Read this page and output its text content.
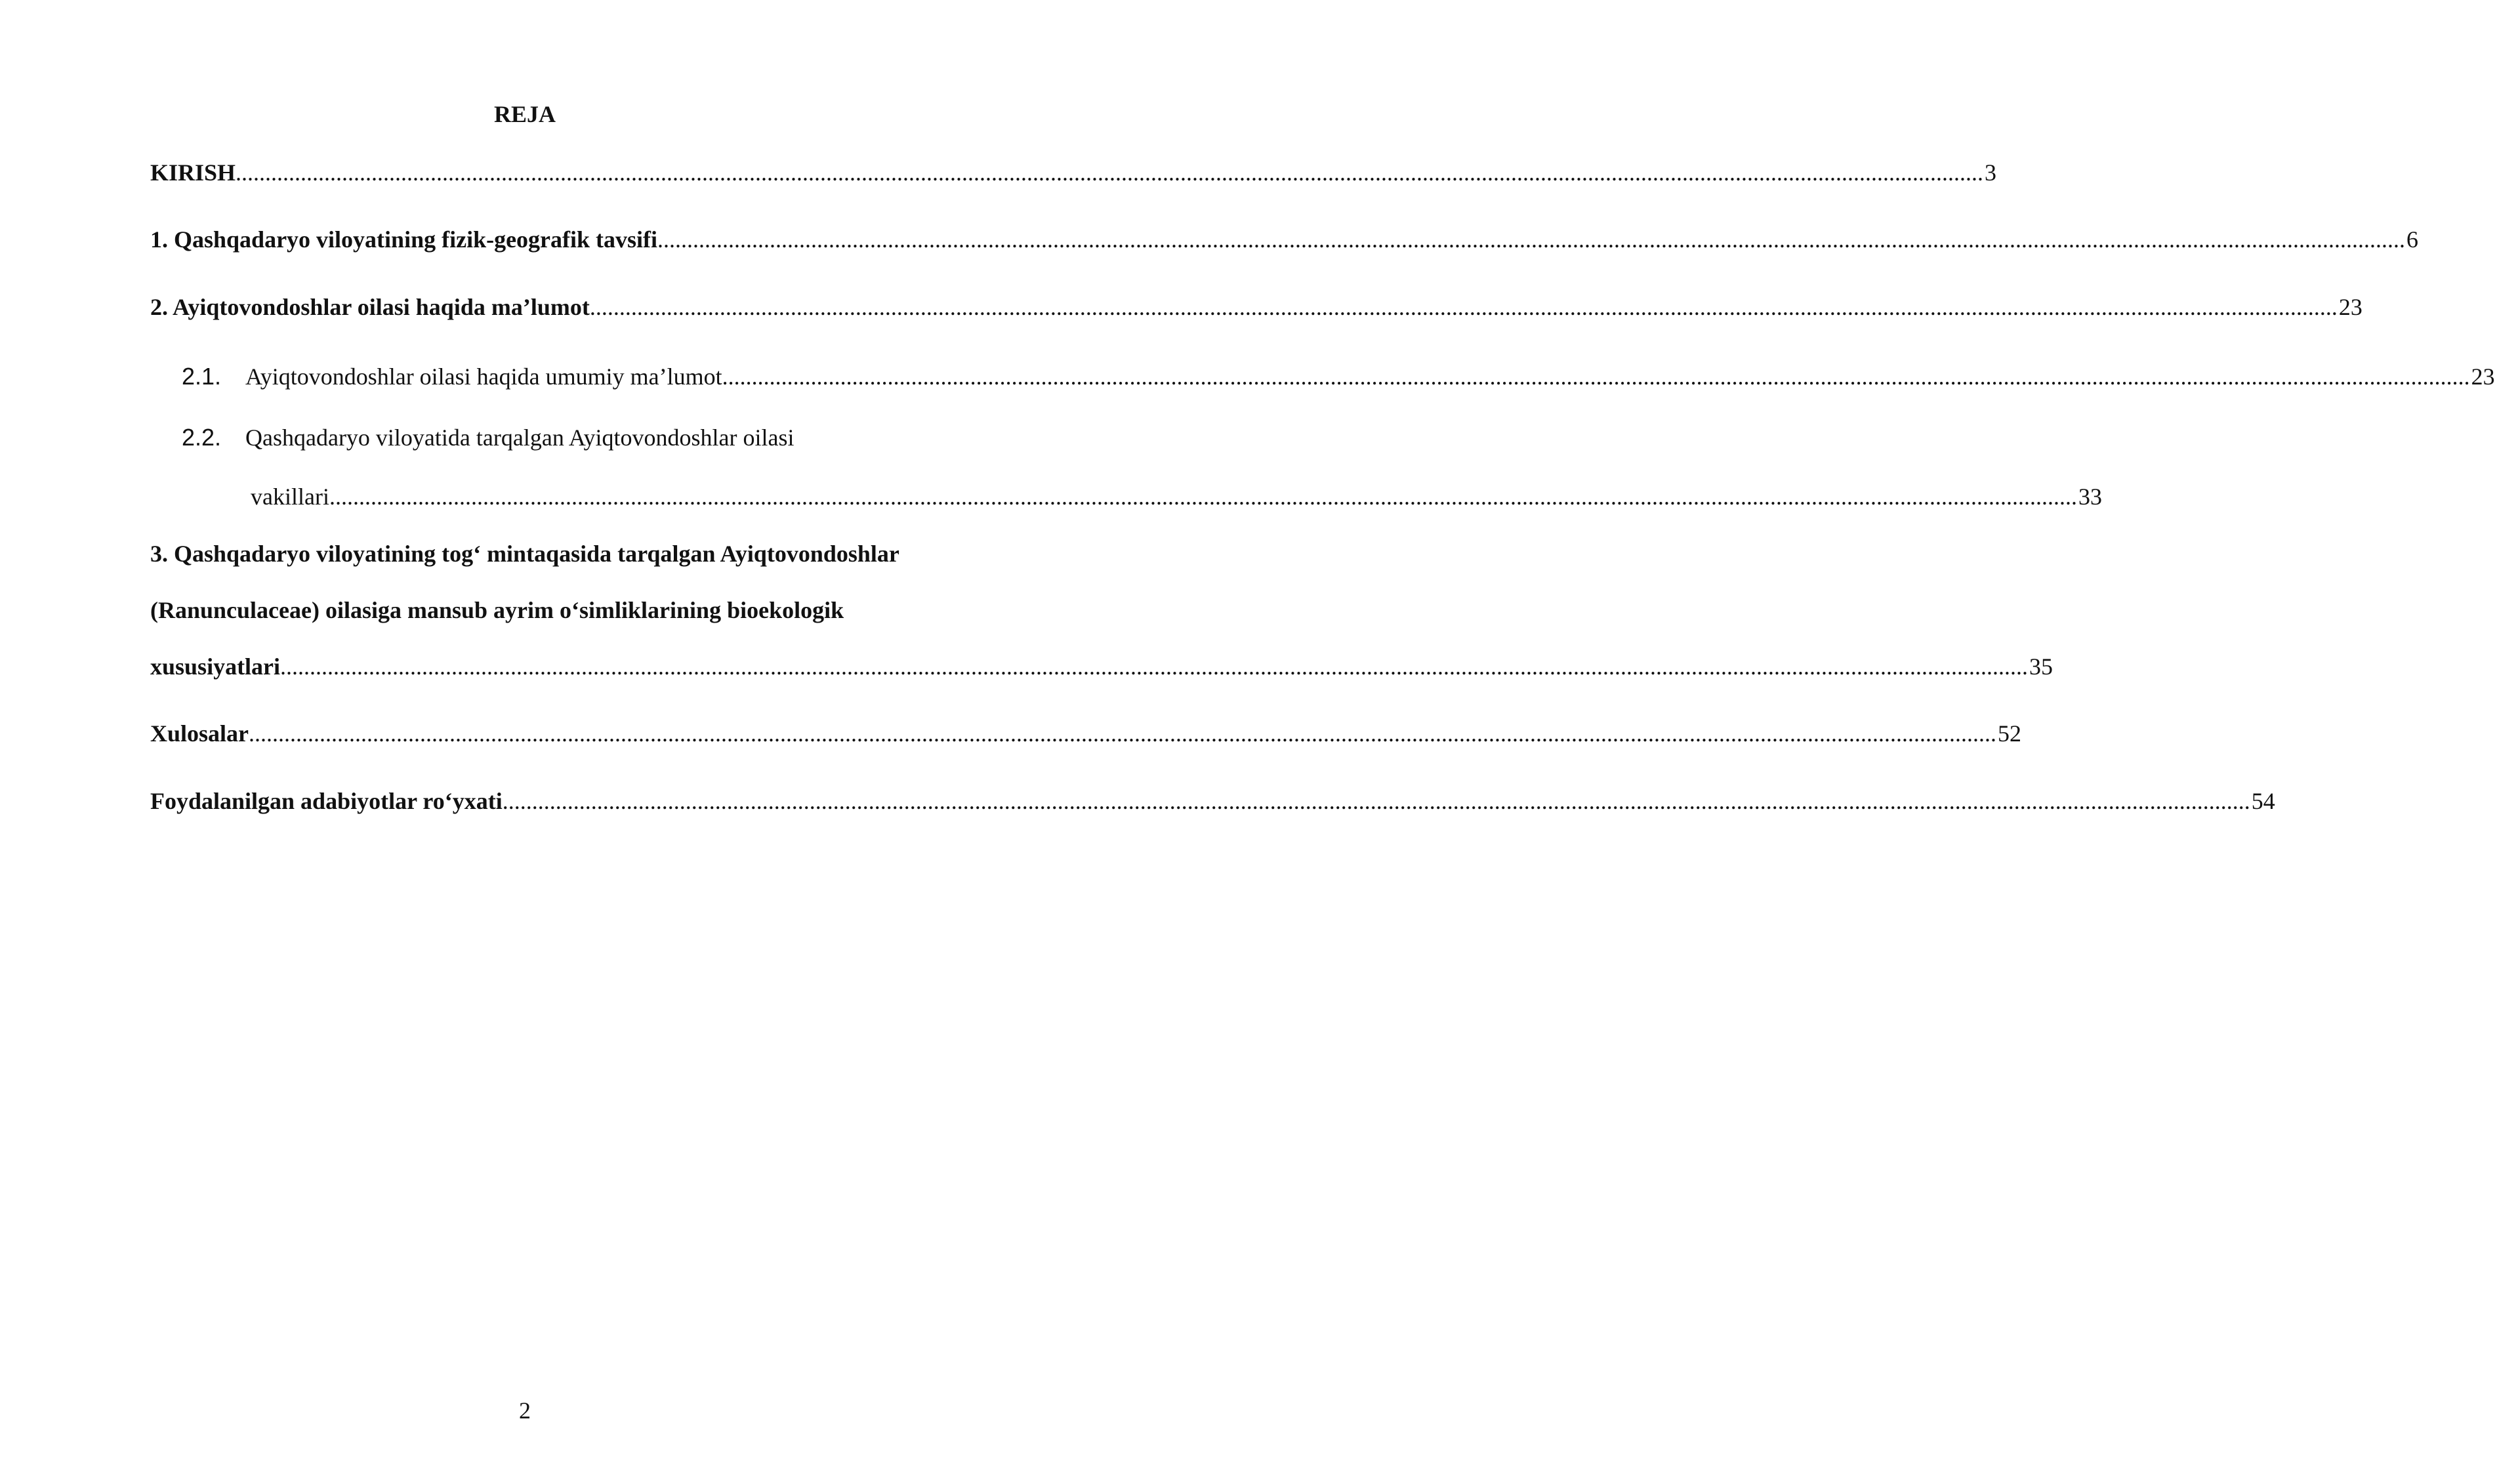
REJA
KIRISH ........................................................................................................................................................................................................................................................................................................ 3
1. Qashqadaryo viloyatining fizik-geografik tavsifi ........................................................................................................................................................................................................................................................................................................ 6
2. Ayiqtovondoshlar oilasi haqida ma’lumot ........................................................................................................................................................................................................................................................................................................ 23
2.1. Ayiqtovondoshlar oilasi haqida umumiy ma’lumot ........................................................................................................................................................................................................................................................................................................ 23
2.2. Qashqadaryo viloyatida tarqalgan Ayiqtovondoshlar oilasi
vakillari ........................................................................................................................................................................................................................................................................................................ 33
3. Qashqadaryo viloyatining tog‘ mintaqasida tarqalgan Ayiqtovondoshlar
(Ranunculaceae) oilasiga mansub ayrim o‘simliklarining bioekologik
xususiyatlari ........................................................................................................................................................................................................................................................................................................ 35
Xulosalar ........................................................................................................................................................................................................................................................................................................ 52
Foydalanilgan adabiyotlar ro‘yxati ........................................................................................................................................................................................................................................................................................................ 54
2
